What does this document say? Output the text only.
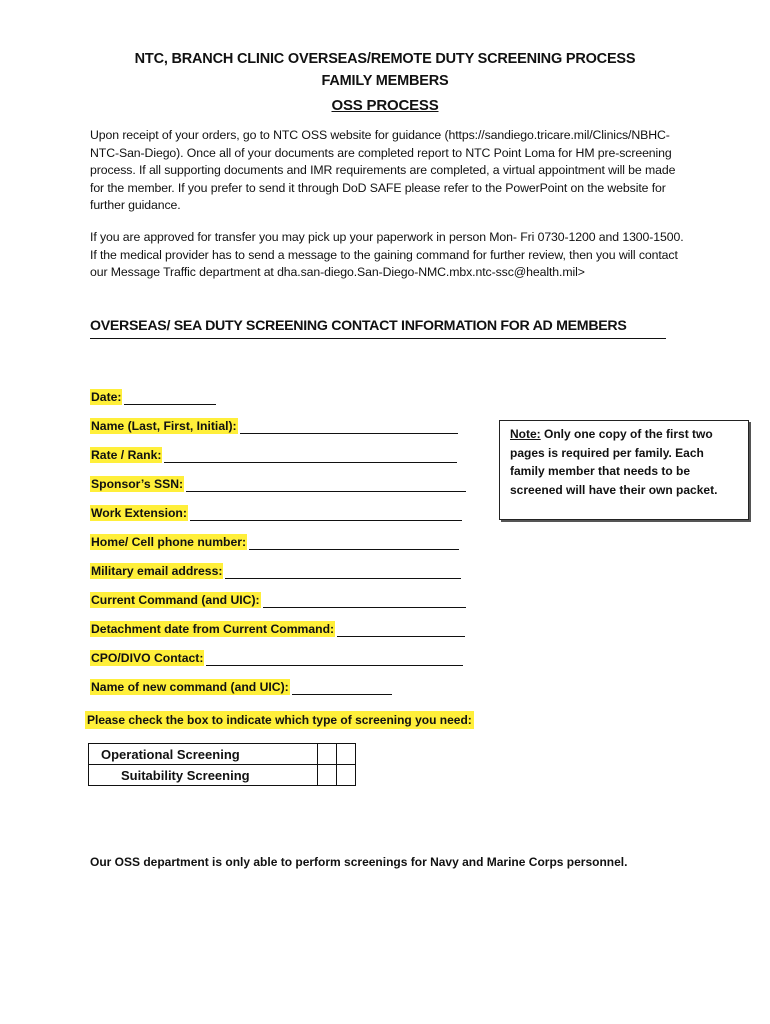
NTC, BRANCH CLINIC OVERSEAS/REMOTE DUTY SCREENING PROCESS
FAMILY MEMBERS
OSS PROCESS
Upon receipt of your orders, go to NTC OSS website for guidance (https://sandiego.tricare.mil/Clinics/NBHC-NTC-San-Diego). Once all of your documents are completed report to NTC Point Loma for HM pre-screening process. If all supporting documents and IMR requirements are completed, a virtual appointment will be made for the member. If you prefer to send it through DoD SAFE please refer to the PowerPoint on the website for further guidance.
If you are approved for transfer you may pick up your paperwork in person Mon- Fri 0730-1200 and 1300-1500. If the medical provider has to send a message to the gaining command for further review, then you will contact our Message Traffic department at dha.san-diego.San-Diego-NMC.mbx.ntc-ssc@health.mil>
OVERSEAS/ SEA DUTY SCREENING CONTACT INFORMATION FOR AD MEMBERS
Date:
Name (Last, First, Initial):
Rate / Rank:
Sponsor’s SSN:
Work Extension:
Home/ Cell phone number:
Military email address:
Current Command (and UIC):
Detachment date from Current Command:
CPO/DIVO Contact:
Name of new command (and UIC):
Note: Only one copy of the first two pages is required per family. Each family member that needs to be screened will have their own packet.
Please check the box to indicate which type of screening you need:
Operational Screening		
Suitability Screening		
Our OSS department is only able to perform screenings for Navy and Marine Corps personnel.
